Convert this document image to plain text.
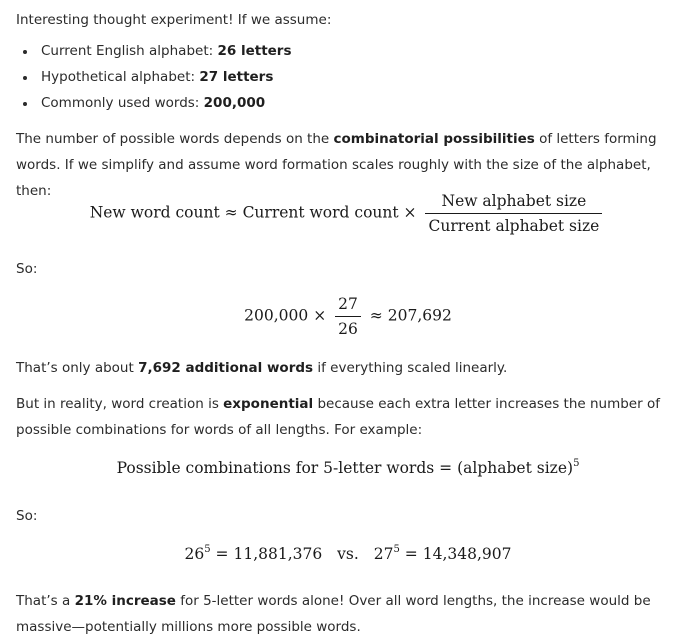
Interesting thought experiment! If we assume:

Current English alphabet: 26 letters
Hypothetical alphabet: 27 letters
Commonly used words: 200,000

The number of possible words depends on the combinatorial possibilities of letters forming words. If we simplify and assume word formation scales roughly with the size of the alphabet, then:

New word count ≈ Current word count × $\frac{\text{New alphabet size}}{\text{Current alphabet size}}$

So:

$200,000 \times \frac{27}{26} \approx 207,692$

That’s only about 7,692 additional words if everything scaled linearly.

But in reality, word creation is exponential because each extra letter increases the number of possible combinations for words of all lengths. For example:

Possible combinations for 5-letter words = (alphabet size)$^5$

So:

$26^5 = 11,881,376$ vs. $27^5 = 14,348,907$

That’s a 21% increase for 5-letter words alone! Over all word lengths, the increase would be massive—potentially millions more possible words.
